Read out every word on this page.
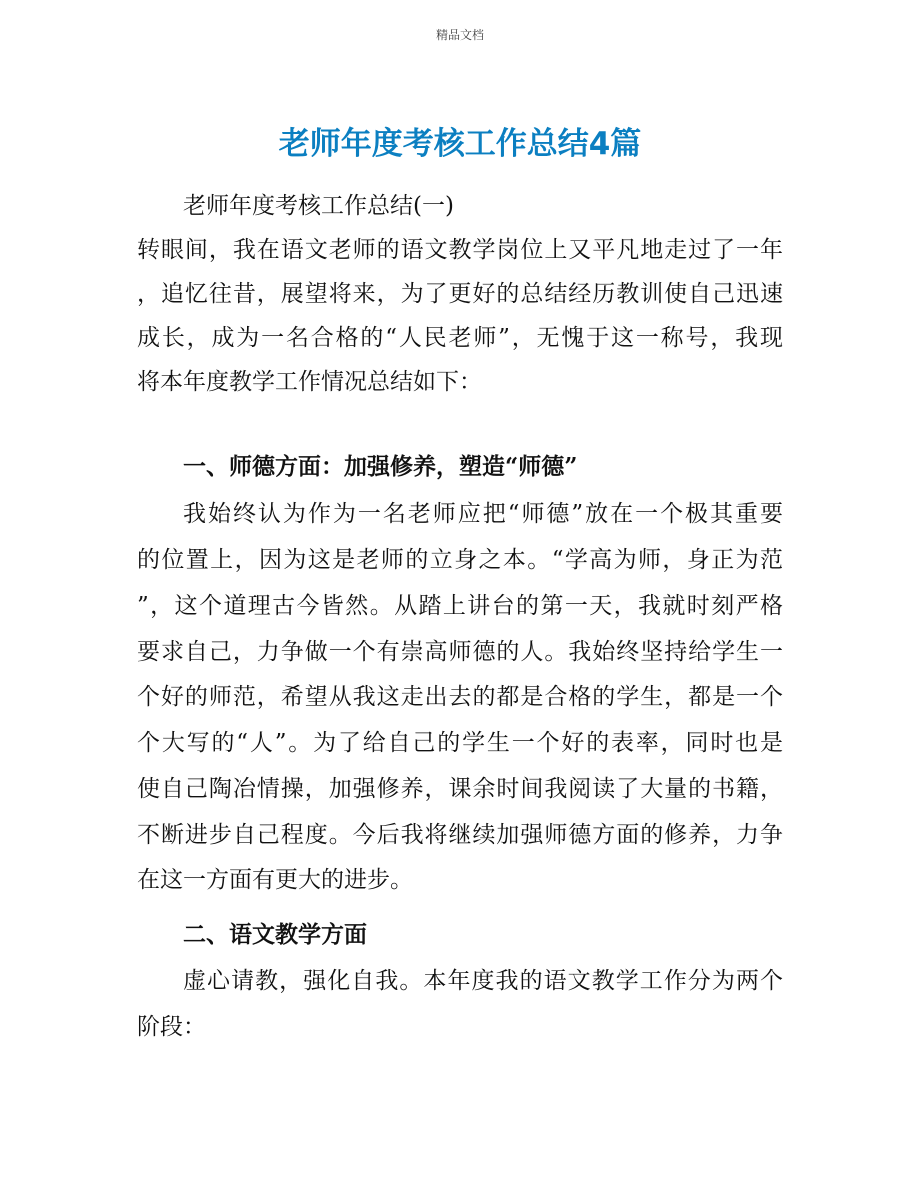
精品文档
老师年度考核工作总结4篇
老师年度考核工作总结(一)
转眼间，我在语文老师的语文教学岗位上又平凡地走过了一年
，追忆往昔，展望将来，为了更好的总结经历教训使自己迅速
成长，成为一名合格的“人民老师”，无愧于这一称号，我现
将本年度教学工作情况总结如下：
一、师德方面：加强修养，塑造“师德”
我始终认为作为一名老师应把“师德”放在一个极其重要
的位置上，因为这是老师的立身之本。“学高为师，身正为范
”，这个道理古今皆然。从踏上讲台的第一天，我就时刻严格
要求自己，力争做一个有崇高师德的人。我始终坚持给学生一
个好的师范，希望从我这走出去的都是合格的学生，都是一个
个大写的“人”。为了给自己的学生一个好的表率，同时也是
使自己陶冶情操，加强修养，课余时间我阅读了大量的书籍，
不断进步自己程度。今后我将继续加强师德方面的修养，力争
在这一方面有更大的进步。
二、语文教学方面
虚心请教，强化自我。本年度我的语文教学工作分为两个
阶段：
